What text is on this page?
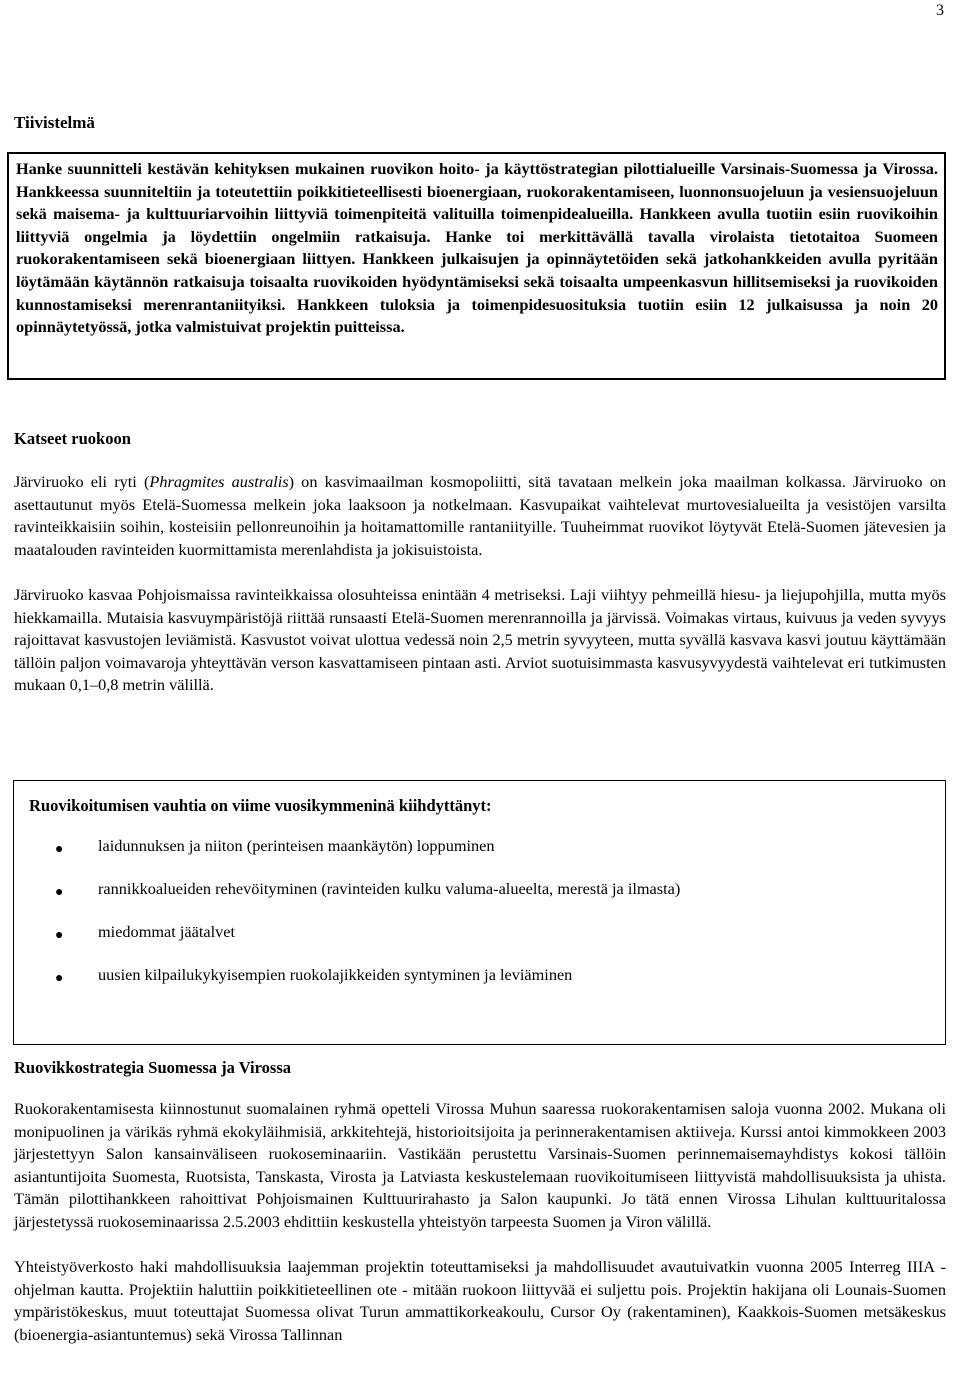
3
Tiivistelmä

Hanke suunnitteli kestävän kehityksen mukainen ruovikon hoito- ja käyttöstrategian pilottialueille Varsinais-Suomessa ja Virossa. Hankkeessa suunniteltiin ja toteutettiin poikkitieteellisesti bioenergiaan, ruokorakentamiseen, luonnonsuojeluun ja vesiensuojeluun sekä maisema- ja kulttuuriarvoihin liittyviä toimenpiteitä valituilla toimenpidealueilla. Hankkeen avulla tuotiin esiin ruovikoihin liittyviä ongelmia ja löydettiin ongelmiin ratkaisuja. Hanke toi merkittävällä tavalla virolaista tietotaitoa Suomeen ruokorakentamiseen sekä bioenergiaan liittyen. Hankkeen julkaisujen ja opinnäytetöiden sekä jatkohankkeiden avulla pyritään löytämään käytännön ratkaisuja toisaalta ruovikoiden hyödyntämiseksi sekä toisaalta umpeenkasvun hillitsemiseksi ja ruovikoiden kunnostamiseksi merenrantaniityiksi. Hankkeen tuloksia ja toimenpidesuosituksia tuotiin esiin 12 julkaisussa ja noin 20 opinnäytetyössä, jotka valmistuivat projektin puitteissa.

Katseet ruokoon

Järviruoko eli ryti (Phragmites australis) on kasvimaailman kosmopoliitti, sitä tavataan melkein joka maailman kolkassa. Järviruoko on asettautunut myös Etelä-Suomessa melkein joka laaksoon ja notkelmaan. Kasvupaikat vaihtelevat murtovesialueilta ja vesistöjen varsilta ravinteikkaisiin soihin, kosteisiin pellonreunoihin ja hoitamattomille rantaniityille. Tuuheimmat ruovikot löytyvät Etelä-Suomen jätevesien ja maatalouden ravinteiden kuormittamista merenlahdista ja jokisuistoista.

Järviruoko kasvaa Pohjoismaissa ravinteikkaissa olosuhteissa enintään 4 metriseksi. Laji viihtyy pehmeillä hiesu- ja liejupohjilla, mutta myös hiekkamailla. Mutaisia kasvuympäristöjä riittää runsaasti Etelä-Suomen merenrannoilla ja järvissä. Voimakas virtaus, kuivuus ja veden syvyys rajoittavat kasvustojen leviämistä. Kasvustot voivat ulottua vedessä noin 2,5 metrin syvyyteen, mutta syvällä kasvava kasvi joutuu käyttämään tällöin paljon voimavaroja yhteyttävän verson kasvattamiseen pintaan asti. Arviot suotuisimmasta kasvusyvyydestä vaihtelevat eri tutkimusten mukaan 0,1–0,8 metrin välillä.

Ruovikoitumisen vauhtia on viime vuosikymmeninä kiihdyttänyt:
● laidunnuksen ja niiton (perinteisen maankäytön) loppuminen
● rannikkoalueiden rehevöityminen (ravinteiden kulku valuma-alueelta, merestä ja ilmasta)
● miedommat jäätalvet
● uusien kilpailukykyisempien ruokolajikkeiden syntyminen ja leviäminen
Ruovikkostrategia Suomessa ja Virossa

Ruokorakentamisesta kiinnostunut suomalainen ryhmä opetteli Virossa Muhun saaressa ruokorakentamisen saloja vuonna 2002. Mukana oli monipuolinen ja värikäs ryhmä ekokyläihmisiä, arkkitehtejä, historioitsijoita ja perinnerakentamisen aktiiveja. Kurssi antoi kimmokkeen 2003 järjestettyyn Salon kansainväliseen ruokoseminaariin. Vastikään perustettu Varsinais-Suomen perinnemaisemayhdistys kokosi tällöin asiantuntijoita Suomesta, Ruotsista, Tanskasta, Virosta ja Latviasta keskustelemaan ruovikoitumiseen liittyvistä mahdollisuuksista ja uhista. Tämän pilottihankkeen rahoittivat Pohjoismainen Kulttuurirahasto ja Salon kaupunki. Jo tätä ennen Virossa Lihulan kulttuuritalossa järjestetyssä ruokoseminaarissa 2.5.2003 ehdittiin keskustella yhteistyön tarpeesta Suomen ja Viron välillä.

Yhteistyöverkosto haki mahdollisuuksia laajemman projektin toteuttamiseksi ja mahdollisuudet avautuivatkin vuonna 2005 Interreg IIIA -ohjelman kautta. Projektiin haluttiin poikkitieteellinen ote - mitään ruokoon liittyvää ei suljettu pois. Projektin hakijana oli Lounais-Suomen ympäristökeskus, muut toteuttajat Suomessa olivat Turun ammattikorkeakoulu, Cursor Oy (rakentaminen), Kaakkois-Suomen metsäkeskus (bioenergia-asiantuntemus) sekä Virossa Tallinnan
